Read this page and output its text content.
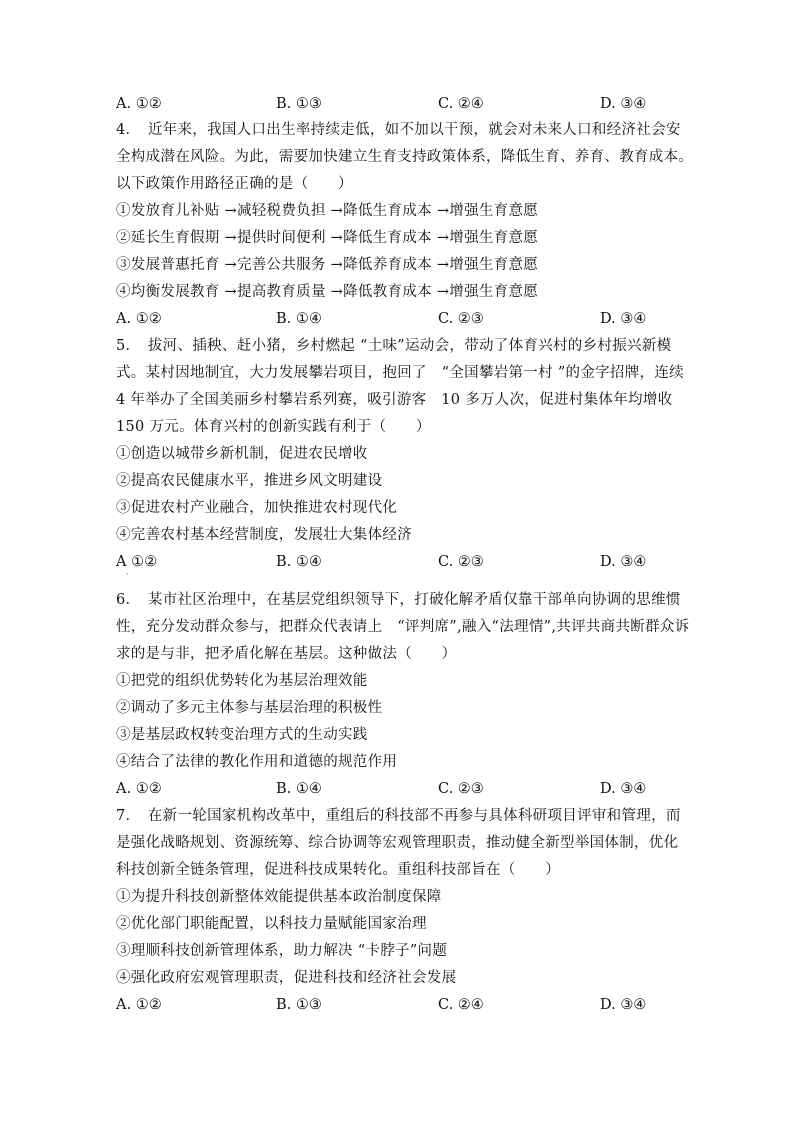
A. ①②	B. ①③	C. ②④	D. ③④
4．　近年来，我国人口出生率持续走低，如不加以干预，就会对未来人口和经济社会安
全构成潜在风险。为此，需要加快建立生育支持政策体系，降低生育、养育、教育成本。
以下政策作用路径正确的是（　　）
①发放育儿补贴 →减轻税费负担 →降低生育成本 →增强生育意愿
②延长生育假期 →提供时间便利 →降低生育成本 →增强生育意愿
③发展普惠托育 →完善公共服务 →降低养育成本 →增强生育意愿
④均衡发展教育 →提高教育质量 →降低教育成本 →增强生育意愿
A. ①②	B. ①④	C. ②③	D. ③④
5．　拔河、插秧、赶小猪，乡村燃起 “土味”运动会，带动了体育兴村的乡村振兴新模
式。某村因地制宜，大力发展攀岩项目，抱回了　“全国攀岩第一村 ”的金字招牌，连续
4 年举办了全国美丽乡村攀岩系列赛，吸引游客　10 多万人次，促进村集体年均增收
150 万元。体育兴村的创新实践有利于（　　）
①创造以城带乡新机制，促进农民增收
②提高农民健康水平，推进乡风文明建设
③促进农村产业融合，加快推进农村现代化
④完善农村基本经营制度，发展壮大集体经济
A ①②	B. ①④	C. ②③	D. ③④
·
6．　某市社区治理中，在基层党组织领导下，打破化解矛盾仅靠干部单向协调的思维惯
性，充分发动群众参与，把群众代表请上　“评判席”,融入“法理情”,共评共商共断群众诉
求的是与非，把矛盾化解在基层。这种做法（　　）
①把党的组织优势转化为基层治理效能
②调动了多元主体参与基层治理的积极性
③是基层政权转变治理方式的生动实践
④结合了法律的教化作用和道德的规范作用
A. ①②	B. ①④	C. ②③	D. ③④
7．　在新一轮国家机构改革中，重组后的科技部不再参与具体科研项目评审和管理，而
是强化战略规划、资源统筹、综合协调等宏观管理职责，推动健全新型举国体制，优化
科技创新全链条管理，促进科技成果转化。重组科技部旨在（　　）
①为提升科技创新整体效能提供基本政治制度保障
②优化部门职能配置，以科技力量赋能国家治理
③理顺科技创新管理体系，助力解决 “卡脖子”问题
④强化政府宏观管理职责，促进科技和经济社会发展
A. ①②	B. ①③	C. ②④	D. ③④
